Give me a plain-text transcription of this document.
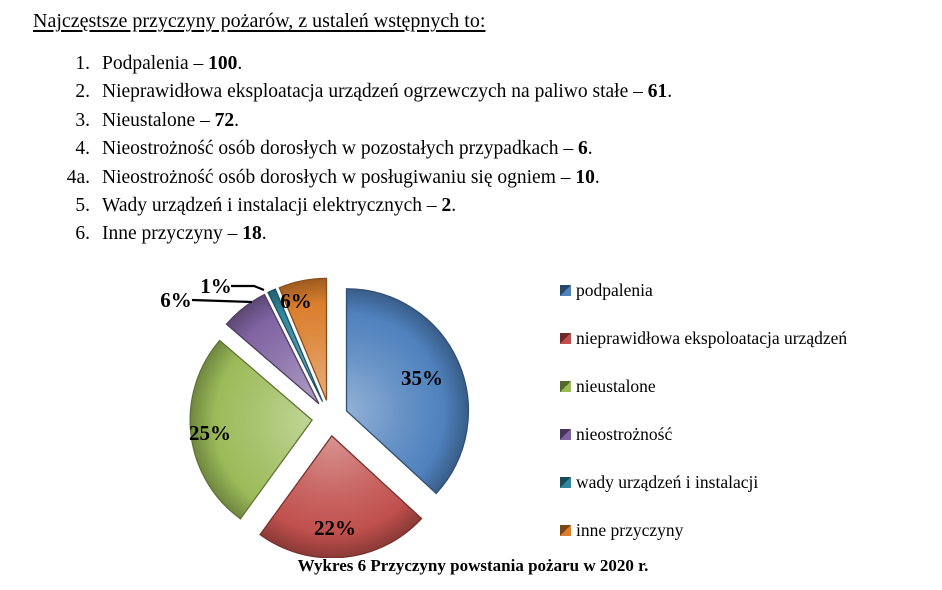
Najczęstsze przyczyny pożarów, z ustaleń wstępnych to:
1. Podpalenia – 100.
2. Nieprawidłowa eksploatacja urządzeń ogrzewczych na paliwo stałe – 61.
3. Nieustalone – 72.
4. Nieostrożność osób dorosłych w pozostałych przypadkach – 6.
4a. Nieostrożność osób dorosłych w posługiwaniu się ogniem – 10.
5. Wady urządzeń i instalacji elektrycznych – 2.
6. Inne przyczyny – 18.
35%
22%
25%
6%
1%
6%	podpalenia
nieprawidłowa ekspoloatacja urządzeń
nieustalone
nieostrożność
wady urządzeń i instalacji
inne przyczyny
Wykres 6 Przyczyny powstania pożaru w 2020 r.
